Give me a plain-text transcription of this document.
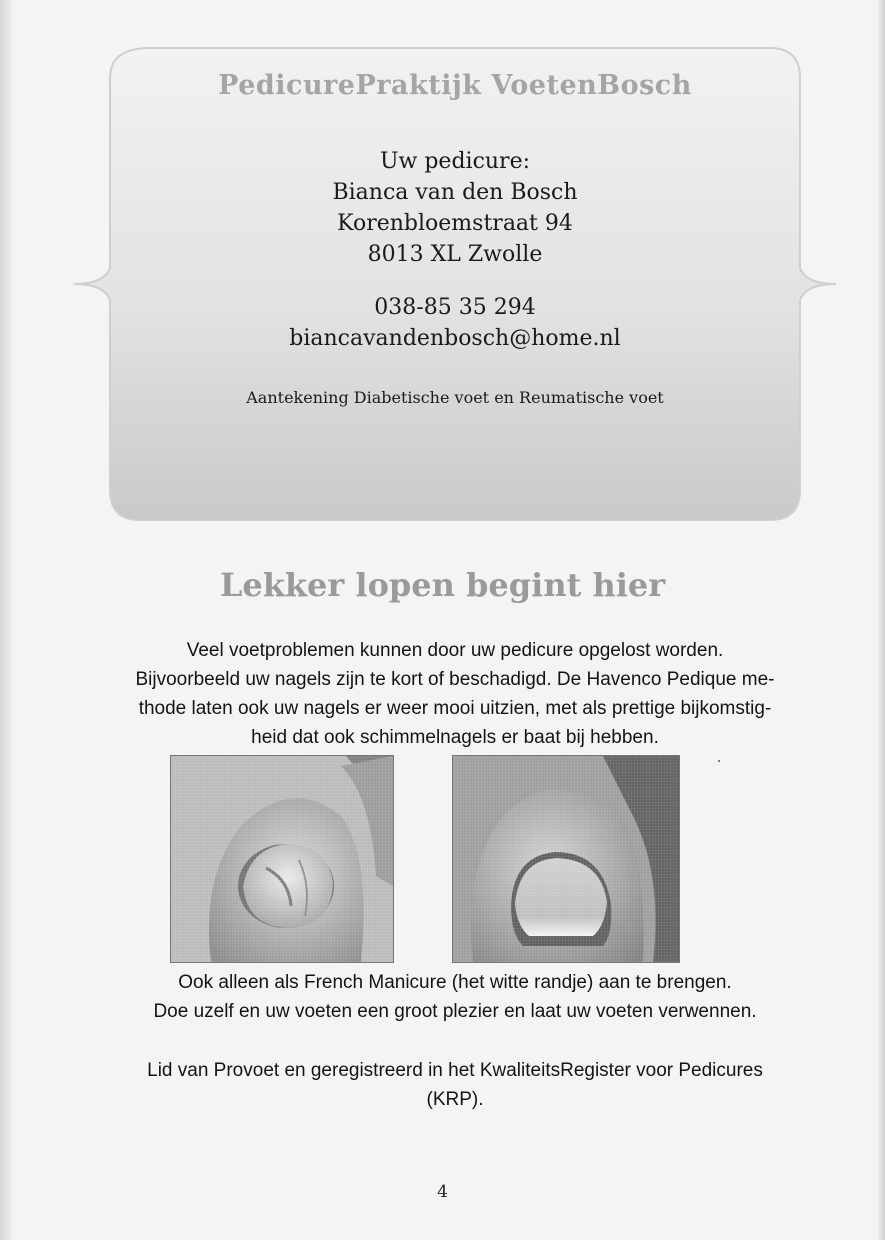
PedicurePraktijk VoetenBosch
Uw pedicure:
Bianca van den Bosch
Korenbloemstraat 94
8013 XL Zwolle
038-85 35 294
biancavandenbosch@home.nl
Aantekening Diabetische voet en Reumatische voet
Lekker lopen begint hier
Veel voetproblemen kunnen door uw pedicure opgelost worden.
Bijvoorbeeld uw nagels zijn te kort of beschadigd. De Havenco Pedique me-
thode laten ook uw nagels er weer mooi uitzien, met als prettige bijkomstig-
heid dat ook schimmelnagels er baat bij hebben.
Ook alleen als French Manicure (het witte randje) aan te brengen.
Doe uzelf en uw voeten een groot plezier en laat uw voeten verwennen.
Lid van Provoet en geregistreerd in het KwaliteitsRegister voor Pedicures
(KRP).
4
